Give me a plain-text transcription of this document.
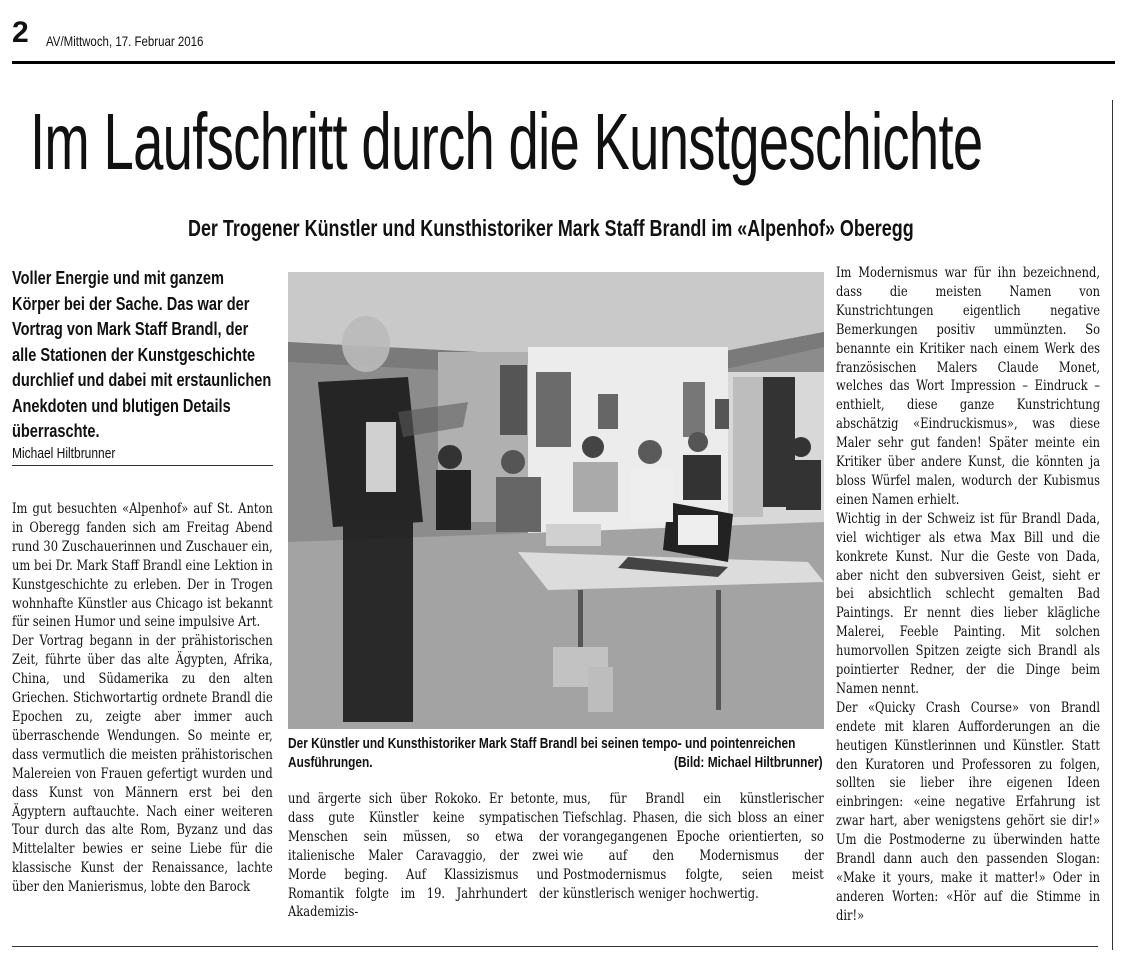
2 AV/Mittwoch, 17. Februar 2016
Im Laufschritt durch die Kunstgeschichte
Der Trogener Künstler und Kunsthistoriker Mark Staff Brandl im «Alpenhof» Oberegg
Voller Energie und mit ganzem Körper bei der Sache. Das war der Vortrag von Mark Staff Brandl, der alle Stationen der Kunstgeschichte durchlief und dabei mit erstaunlichen Anekdoten und blutigen Details überraschte.
Michael Hiltbrunner

Im gut besuchten «Alpenhof» auf St. Anton in Oberegg fanden sich am Freitag Abend rund 30 Zuschauerinnen und Zuschauer ein, um bei Dr. Mark Staff Brandl eine Lektion in Kunstgeschichte zu erleben. Der in Trogen wohnhafte Künstler aus Chicago ist bekannt für seinen Humor und seine impulsive Art.

Der Vortrag begann in der prähistorischen Zeit, führte über das alte Ägypten, Afrika, China, und Südamerika zu den alten Griechen. Stichwortartig ordnete Brandl die Epochen zu, zeigte aber immer auch überraschende Wendungen. So meinte er, dass vermutlich die meisten prähistorischen Malereien von Frauen gefertigt wurden und dass Kunst von Männern erst bei den Ägyptern auftauchte. Nach einer weiteren Tour durch das alte Rom, Byzanz und das Mittelalter bewies er seine Liebe für die klassische Kunst der Renaissance, lachte über den Manierismus, lobte den Barock

Der Künstler und Kunsthistoriker Mark Staff Brandl bei seinen tempo- und pointenreichen Ausführungen.	(Bild: Michael Hiltbrunner)

und ärgerte sich über Rokoko. Er betonte, dass gute Künstler keine sympatischen Menschen sein müssen, so etwa der italienische Maler Caravaggio, der zwei Morde beging. Auf Klassizismus und Romantik folgte im 19. Jahrhundert der Akademizis-

mus, für Brandl ein künstlerischer Tiefschlag. Phasen, die sich bloss an einer vorangegangenen Epoche orientierten, so wie auf den Modernismus der Postmodernismus folgte, seien meist künstlerisch weniger hochwertig.

Im Modernismus war für ihn bezeichnend, dass die meisten Namen von Kunstrichtungen eigentlich negative Bemerkungen positiv ummünzten. So benannte ein Kritiker nach einem Werk des französischen Malers Claude Monet, welches das Wort Impression – Eindruck – enthielt, diese ganze Kunstrichtung abschätzig «Eindruckismus», was diese Maler sehr gut fanden! Später meinte ein Kritiker über andere Kunst, die könnten ja bloss Würfel malen, wodurch der Kubismus einen Namen erhielt.

Wichtig in der Schweiz ist für Brandl Dada, viel wichtiger als etwa Max Bill und die konkrete Kunst. Nur die Geste von Dada, aber nicht den subversiven Geist, sieht er bei absichtlich schlecht gemalten Bad Paintings. Er nennt dies lieber klägliche Malerei, Feeble Painting. Mit solchen humorvollen Spitzen zeigte sich Brandl als pointierter Redner, der die Dinge beim Namen nennt.

Der «Quicky Crash Course» von Brandl endete mit klaren Aufforderungen an die heutigen Künstlerinnen und Künstler. Statt den Kuratoren und Professoren zu folgen, sollten sie lieber ihre eigenen Ideen einbringen: «eine negative Erfahrung ist zwar hart, aber wenigstens gehört sie dir!» Um die Postmoderne zu überwinden hatte Brandl dann auch den passenden Slogan: «Make it yours, make it matter!» Oder in anderen Worten: «Hör auf die Stimme in dir!»
